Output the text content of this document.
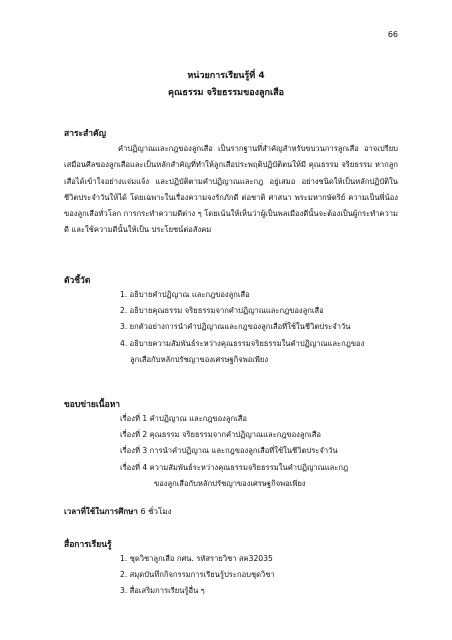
66
หน่วยการเรียนรู้ที่ 4
คุณธรรม จริยธรรมของลูกเสือ
สาระสำคัญ
คำปฏิญาณและกฎของลูกเสือ เป็นรากฐานที่สำคัญสำหรับขบวนการลูกเสือ อาจเปรียบเสมือนศีลของลูกเสือและเป็นหลักสำคัญที่ทำให้ลูกเสือประพฤติปฏิบัติตนให้มี คุณธรรม จริยธรรม หากลูกเสือได้เข้าใจอย่างแจ่มแจ้ง และปฏิบัติตามคำปฏิญาณและกฎ อยู่เสมอ อย่างชนิดให้เป็นหลักปฏิบัติในชีวิตประจำวันให้ได้ โดยเฉพาะในเรื่องความจงรักภักดี ต่อชาติ ศาสนา พระมหากษัตริย์ ความเป็นพี่น้องของลูกเสือทั่วโลก การกระทำความดีต่าง ๆ โดยเน้นให้เห็นว่าผู้เป็นพลเมืองดีนั้นจะต้องเป็นผู้กระทำความดี และใช้ความดีนั้นให้เป็น ประโยชน์ต่อสังคม
ตัวชี้วัด
1. อธิบายคำปฏิญาณ และกฎของลูกเสือ
2. อธิบายคุณธรรม จริยธรรมจากคำปฏิญาณและกฎของลูกเสือ
3. ยกตัวอย่างการนำคำปฏิญาณและกฎของลูกเสือที่ใช้ในชีวิตประจำวัน
4. อธิบายความสัมพันธ์ระหว่างคุณธรรมจริยธรรมในคำปฏิญาณและกฎของ
ลูกเสือกับหลักปรัชญาของเศรษฐกิจพอเพียง
ขอบข่ายเนื้อหา
เรื่องที่ 1 คำปฏิญาณ และกฎของลูกเสือ
เรื่องที่ 2 คุณธรรม จริยธรรมจากคำปฏิญาณและกฎของลูกเสือ
เรื่องที่ 3 การนำคำปฏิญาณ และกฎของลูกเสือที่ใช้ในชีวิตประจำวัน
เรื่องที่ 4 ความสัมพันธ์ระหว่างคุณธรรมจริยธรรมในคำปฏิญาณและกฎ
ของลูกเสือกับหลักปรัชญาของเศรษฐกิจพอเพียง
เวลาที่ใช้ในการศึกษา 6 ชั่วโมง
สื่อการเรียนรู้
1. ชุดวิชาลูกเสือ กศน. รหัสรายวิชา สค32035
2. สมุดบันทึกกิจกรรมการเรียนรู้ประกอบชุดวิชา
3. สื่อเสริมการเรียนรู้อื่น ๆ
